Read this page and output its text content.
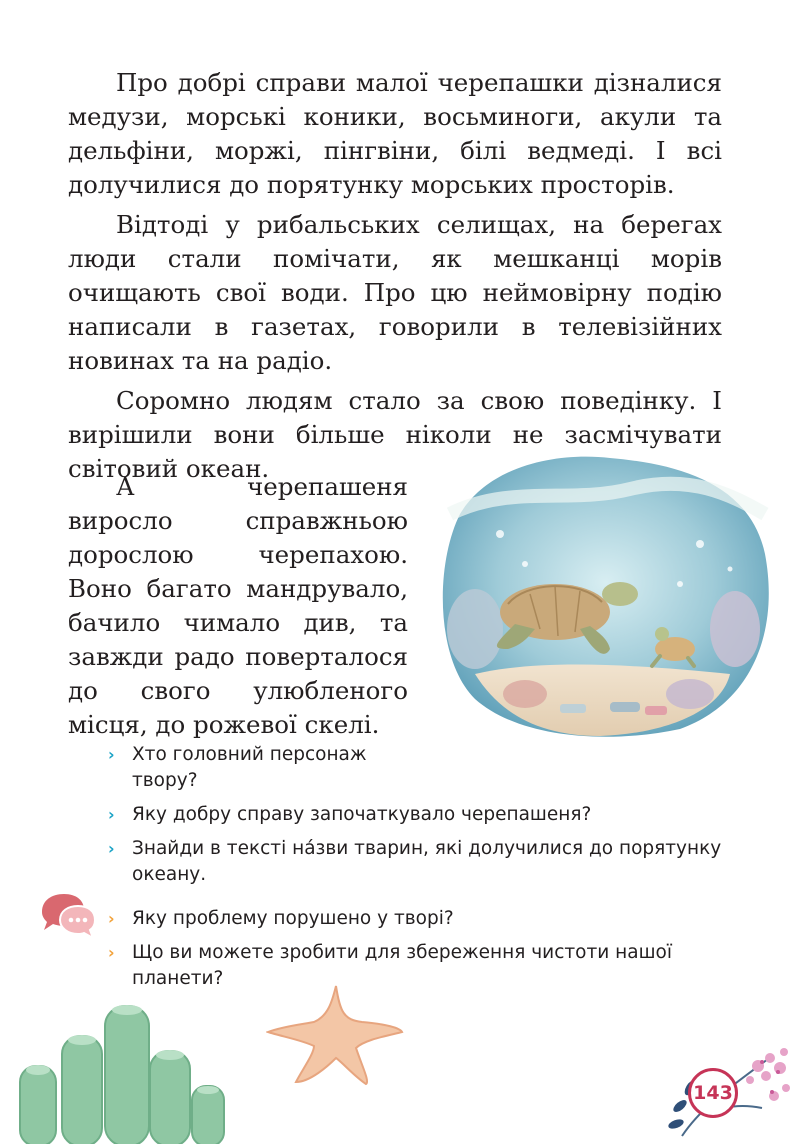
Про добрі справи малої черепашки дізналися медузи, морські коники, восьминоги, акули та дельфіни, моржі, пінгвіни, білі ведмеді. І всі долучилися до порятунку морських просторів.

Відтоді у рибальських селищах, на берегах люди стали помічати, як мешканці морів очищають свої води. Про цю неймовірну подію написали в газетах, говорили в телевізійних новинах та на радіо.

Соромно людям стало за свою поведінку. І вирішили вони більше ніколи не засмічувати світовий океан.

А черепашеня виросло справжньою дорослою черепахою. Воно багато мандрувало, бачило чимало див, та завжди радо поверталося до свого улюбленого місця, до рожевої скелі.

› Хто головний персонаж твору?
› Яку добру справу започаткувало черепашеня?
› Знайди в тексті на́зви тварин, які долучилися до порятунку океану.
› Яку проблему порушено у творі?
› Що ви можете зробити для збереження чистоти нашої планети?
143
